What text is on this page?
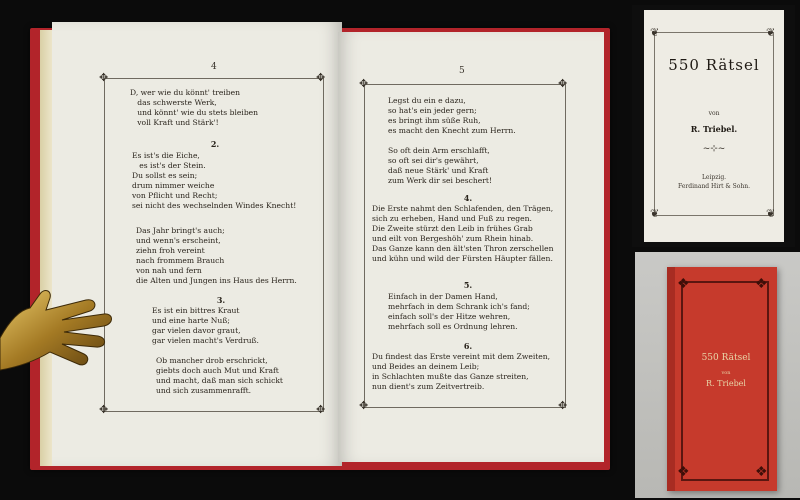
✥	✥
✥	✥
✥	✥
✥	✥
4	5
D, wer wie du könnt' treiben
das schwerste Werk,
und könnt' wie du stets bleiben
voll Kraft und Stärk'!
2.
Es ist's die Eiche,
es ist's der Stein.
Du sollst es sein;
drum nimmer weiche
von Pflicht und Recht;
sei nicht des wechselnden Windes Knecht!
Das Jahr bringt's auch;
und wenn's erscheint,
ziehn froh vereint
nach frommem Brauch
von nah und fern
die Alten und Jungen ins Haus des Herrn.
3.
Es ist ein bittres Kraut
und eine harte Nuß;
gar vielen davor graut,
gar vielen macht's Verdruß.
Ob mancher drob erschrickt,
giebts doch auch Mut und Kraft
und macht, daß man sich schickt
und sich zusammenrafft.
Legst du ein e dazu,
so hat's ein jeder gern;
es bringt ihm süße Ruh,
es macht den Knecht zum Herrn.
So oft dein Arm erschlafft,
so oft sei dir's gewährt,
daß neue Stärk' und Kraft
zum Werk dir sei beschert!
4.
Die Erste nahmt den Schlafenden, den Trägen,
sich zu erheben, Hand und Fuß zu regen.
Die Zweite stürzt den Leib in frühes Grab
und eilt von Bergeshöh' zum Rhein hinab.
Das Ganze kann den ält'sten Thron zerschellen
und kühn und wild der Fürsten Häupter fällen.
5.
Einfach in der Damen Hand,
mehrfach in dem Schrank ich's fand;
einfach soll's der Hitze wehren,
mehrfach soll es Ordnung lehren.
6.
Du findest das Erste vereint mit dem Zweiten,
und Beides an deinem Leib;
in Schlachten mußte das Ganze streiten,
nun dient's zum Zeitvertreib.
❦	❦
❦	❦
550 Rätsel
von
R. Triebel.
~⊹~
Leipzig.
Ferdinand Hirt & Sohn.
❖	❖
❖	❖
550 Rätsel
von
R. Triebel
